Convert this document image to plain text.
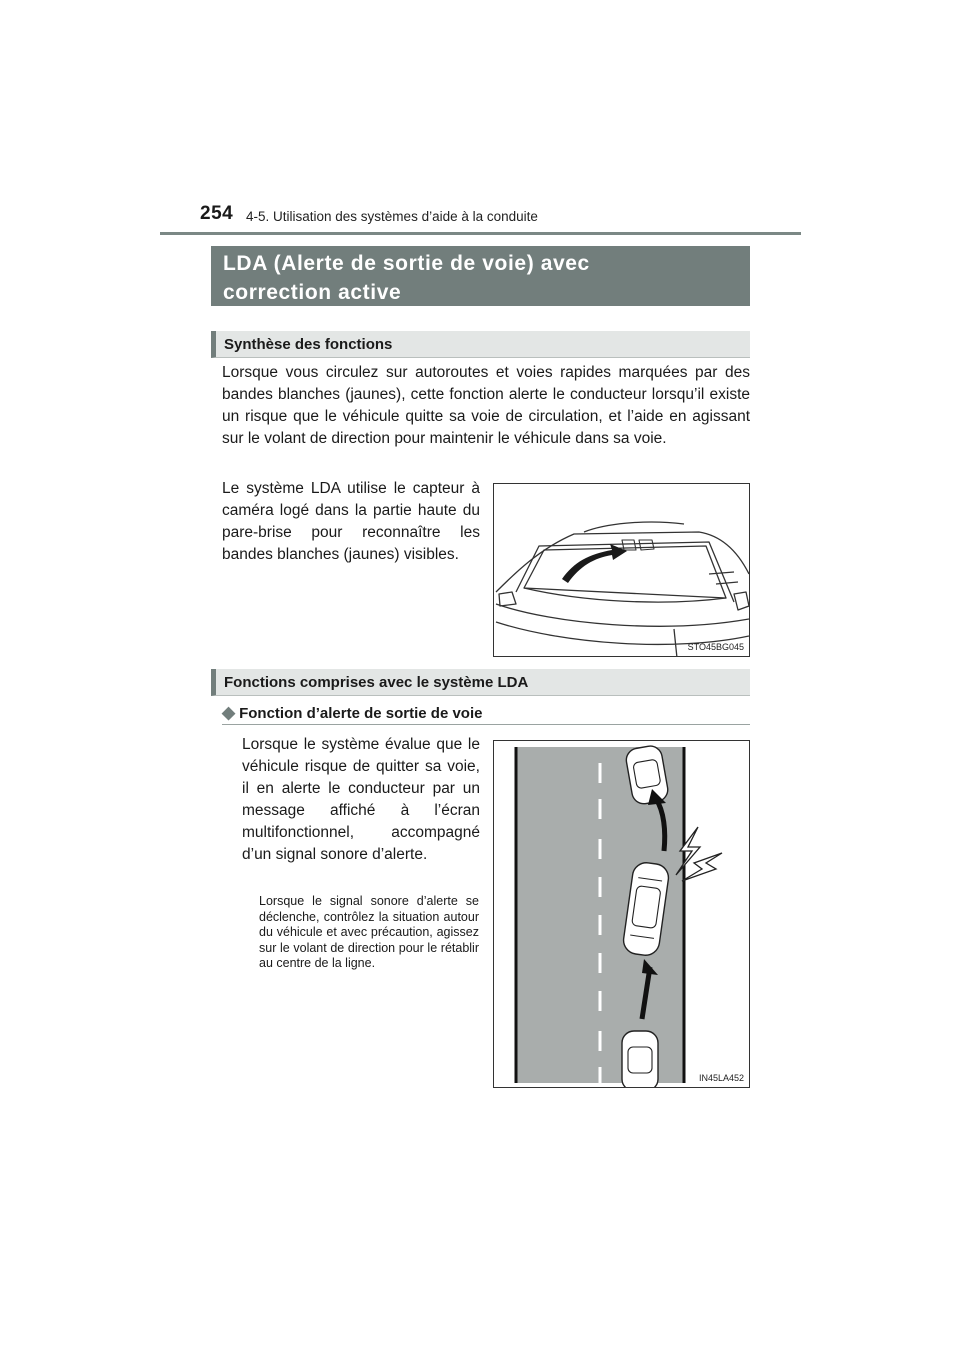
254 4-5. Utilisation des systèmes d’aide à la conduite
LDA (Alerte de sortie de voie) avec
correction active
Synthèse des fonctions
Lorsque vous circulez sur autoroutes et voies rapides marquées par des bandes blanches (jaunes), cette fonction alerte le conducteur lorsqu’il existe un risque que le véhicule quitte sa voie de circulation, et l’aide en agissant sur le volant de direction pour maintenir le véhicule dans sa voie.
Le système LDA utilise le capteur à caméra logé dans la partie haute du pare-brise pour reconnaître les bandes blanches (jaunes) visibles.
STO45BG045
Fonctions comprises avec le système LDA
◆ Fonction d’alerte de sortie de voie
Lorsque le système évalue que le véhicule risque de quitter sa voie, il en alerte le conducteur par un message affiché à l’écran multifonctionnel, accompagné d’un signal sonore d’alerte.
Lorsque le signal sonore d’alerte se déclenche, contrôlez la situation autour du véhicule et avec précaution, agissez sur le volant de direction pour le rétablir au centre de la ligne.
IN45LA452
